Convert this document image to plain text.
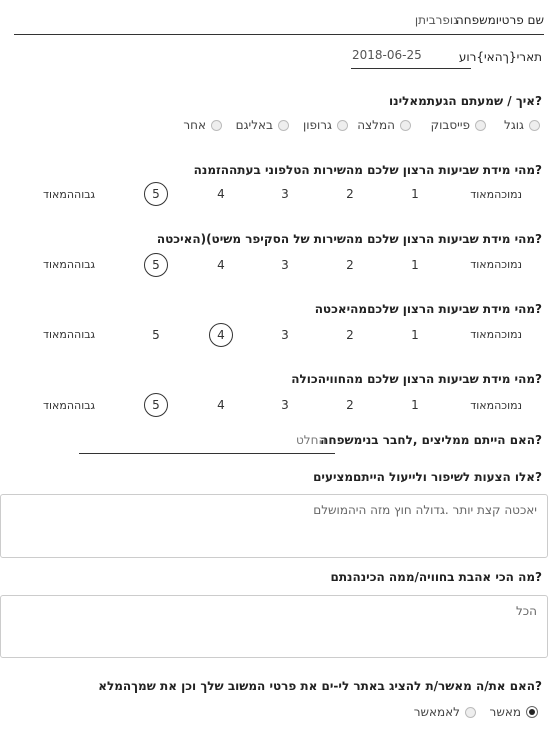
שם פרטיומשפחה
נופרביתן
תארי{ךהאי}רוע
2018-06-25
איך / שמעתם הגעתמאלינו?
גוגל
פייסבוק
המלצה
גרופון
באליגם
אחר
מהי מידת שביעות הרצון שלכם מהשירות הטלפוני בעתההזמנה?
נמוכהמאוד
1
2
3
4
5
גבוההמאוד
מהי מידת שביעות הרצון שלכם מהשירות של הסקיפר משיט)(האיכטה?
נמוכהמאוד
1
2
3
4
5
גבוההמאוד
מהי מידת שביעות הרצון שלכםמהיאכטה?
נמוכהמאוד
1
2
3
4
5
גבוההמאוד
מהי מידת שביעות הרצון שלכם מהחוויהכולה?
נמוכהמאוד
1
2
3
4
5
גבוההמאוד
האם הייתם ממליצים ,לחבר בנימשפחה?
החלט
אלו הצעות לשיפור ולייעול הייתםמציעים?
יאכטה קצת יותר .גדולה חוץ מזה היהמושלם
מה הכי אהבת בחוויה/ממה הכינהנתם?
הכל
האם את/ה מאשר/ת להציג באתר לי-ים את פרטי המשוב שלך וכן את שמךהמלא?
מאשר
לאמאשר
